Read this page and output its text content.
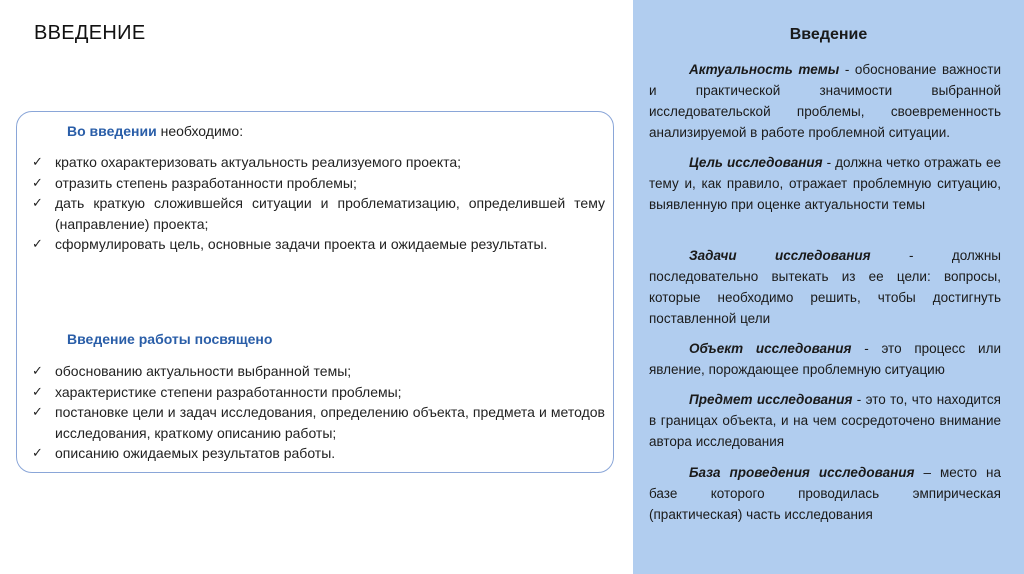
ВВЕДЕНИЕ
Во введении необходимо:
✓ кратко охарактеризовать актуальность реализуемого проекта;
✓ отразить степень разработанности проблемы;
✓ дать краткую сложившейся ситуации и проблематизацию, определившей тему (направление) проекта;
✓ сформулировать цель, основные задачи проекта и ожидаемые результаты.
Введение работы посвящено
✓ обоснованию актуальности выбранной темы;
✓ характеристике степени разработанности проблемы;
✓ постановке цели и задач исследования, определению объекта, предмета и методов исследования, краткому описанию работы;
✓ описанию ожидаемых результатов работы.
Введение

Актуальность темы - обоснование важности и практической значимости выбранной исследовательской проблемы, своевременность анализируемой в работе проблемной ситуации.

Цель исследования - должна четко отражать ее тему и, как правило, отражает проблемную ситуацию, выявленную при оценке актуальности темы

Задачи исследования - должны последовательно вытекать из ее цели: вопросы, которые необходимо решить, чтобы достигнуть поставленной цели

Объект исследования - это процесс или явление, порождающее проблемную ситуацию

Предмет исследования - это то, что находится в границах объекта, и на чем сосредоточено внимание автора исследования

База проведения исследования – место на базе которого проводилась эмпирическая (практическая) часть исследования
